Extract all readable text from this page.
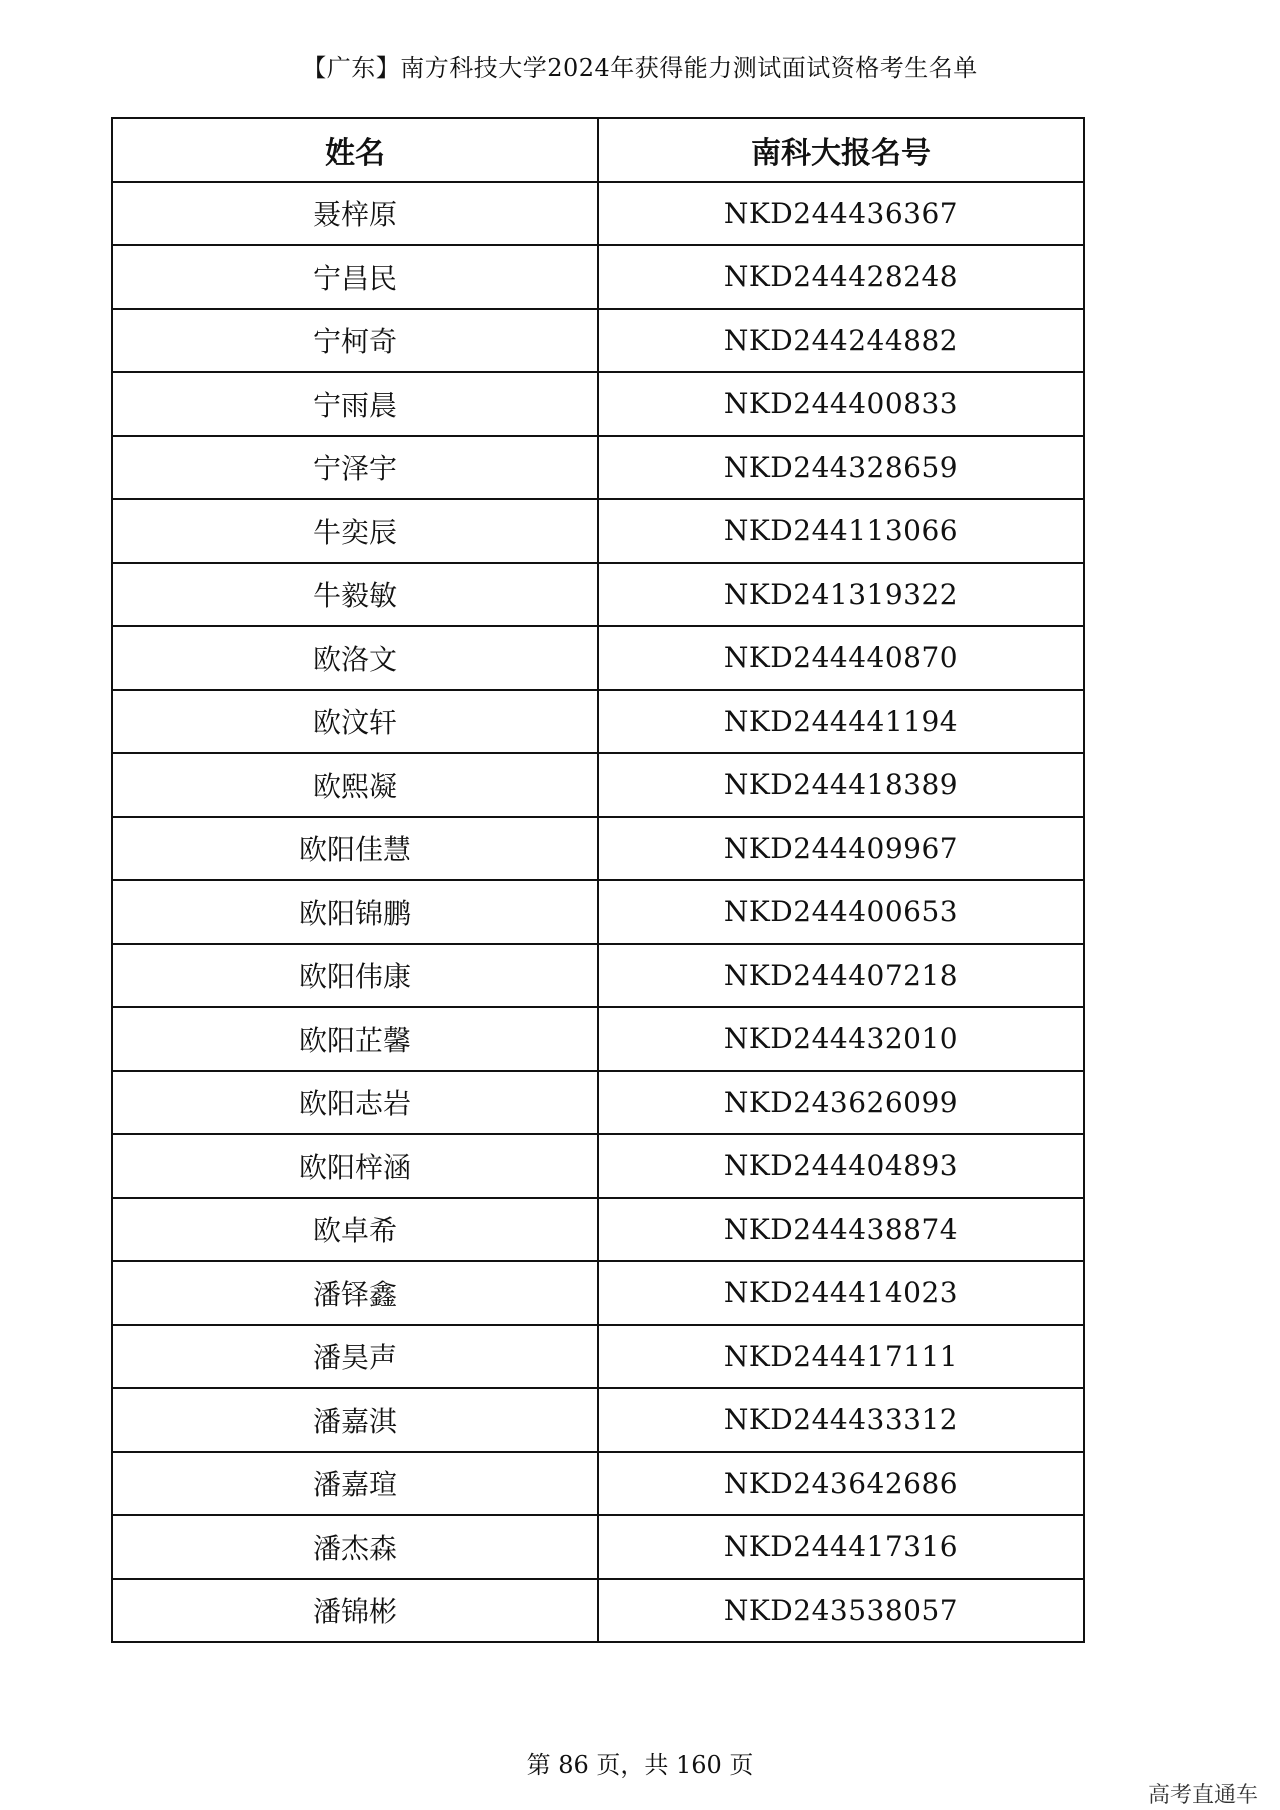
【广东】南方科技大学2024年获得能力测试面试资格考生名单
姓名	南科大报名号
聂梓原	NKD244436367
宁昌民	NKD244428248
宁柯奇	NKD244244882
宁雨晨	NKD244400833
宁泽宇	NKD244328659
牛奕辰	NKD244113066
牛毅敏	NKD241319322
欧洛文	NKD244440870
欧汶轩	NKD244441194
欧熙凝	NKD244418389
欧阳佳慧	NKD244409967
欧阳锦鹏	NKD244400653
欧阳伟康	NKD244407218
欧阳芷馨	NKD244432010
欧阳志岩	NKD243626099
欧阳梓涵	NKD244404893
欧卓希	NKD244438874
潘铎鑫	NKD244414023
潘昊声	NKD244417111
潘嘉淇	NKD244433312
潘嘉瑄	NKD243642686
潘杰森	NKD244417316
潘锦彬	NKD243538057
第 86 页，共 160 页
高考直通车
